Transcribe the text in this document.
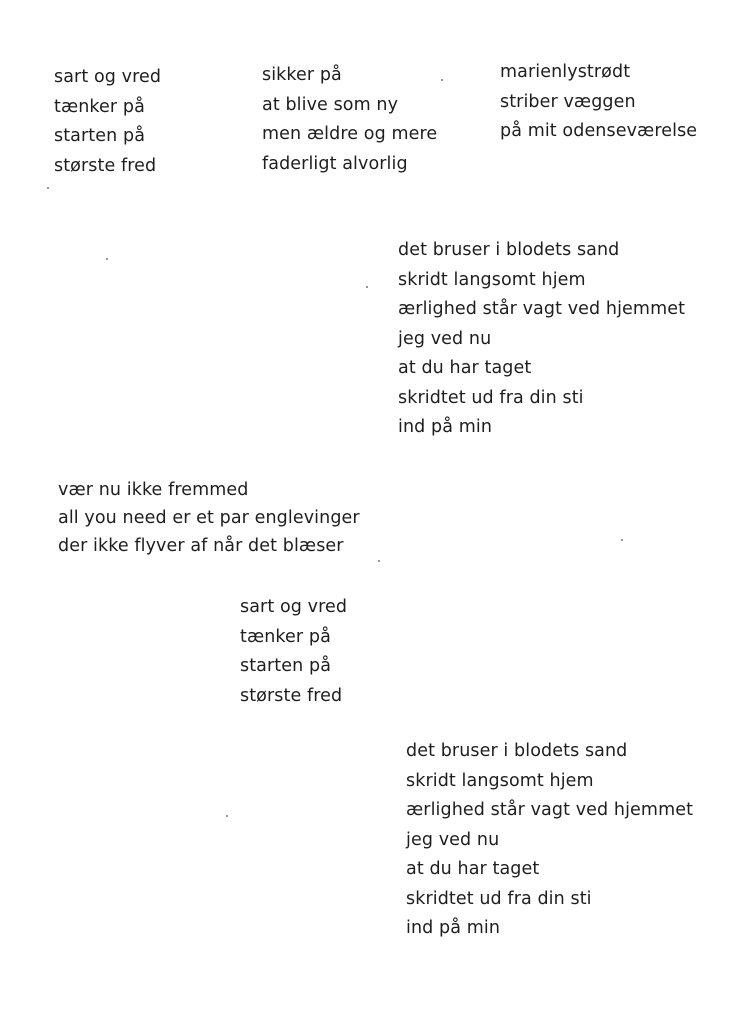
sart og vred
tænker på
starten på
største fred
sikker på
at blive som ny
men ældre og mere
faderligt alvorlig
marienlystrødt
striber væggen
på mit odenseværelse
det bruser i blodets sand
skridt langsomt hjem
ærlighed står vagt ved hjemmet
jeg ved nu
at du har taget
skridtet ud fra din sti
ind på min
vær nu ikke fremmed
all you need er et par englevinger
der ikke flyver af når det blæser
sart og vred
tænker på
starten på
største fred
det bruser i blodets sand
skridt langsomt hjem
ærlighed står vagt ved hjemmet
jeg ved nu
at du har taget
skridtet ud fra din sti
ind på min
